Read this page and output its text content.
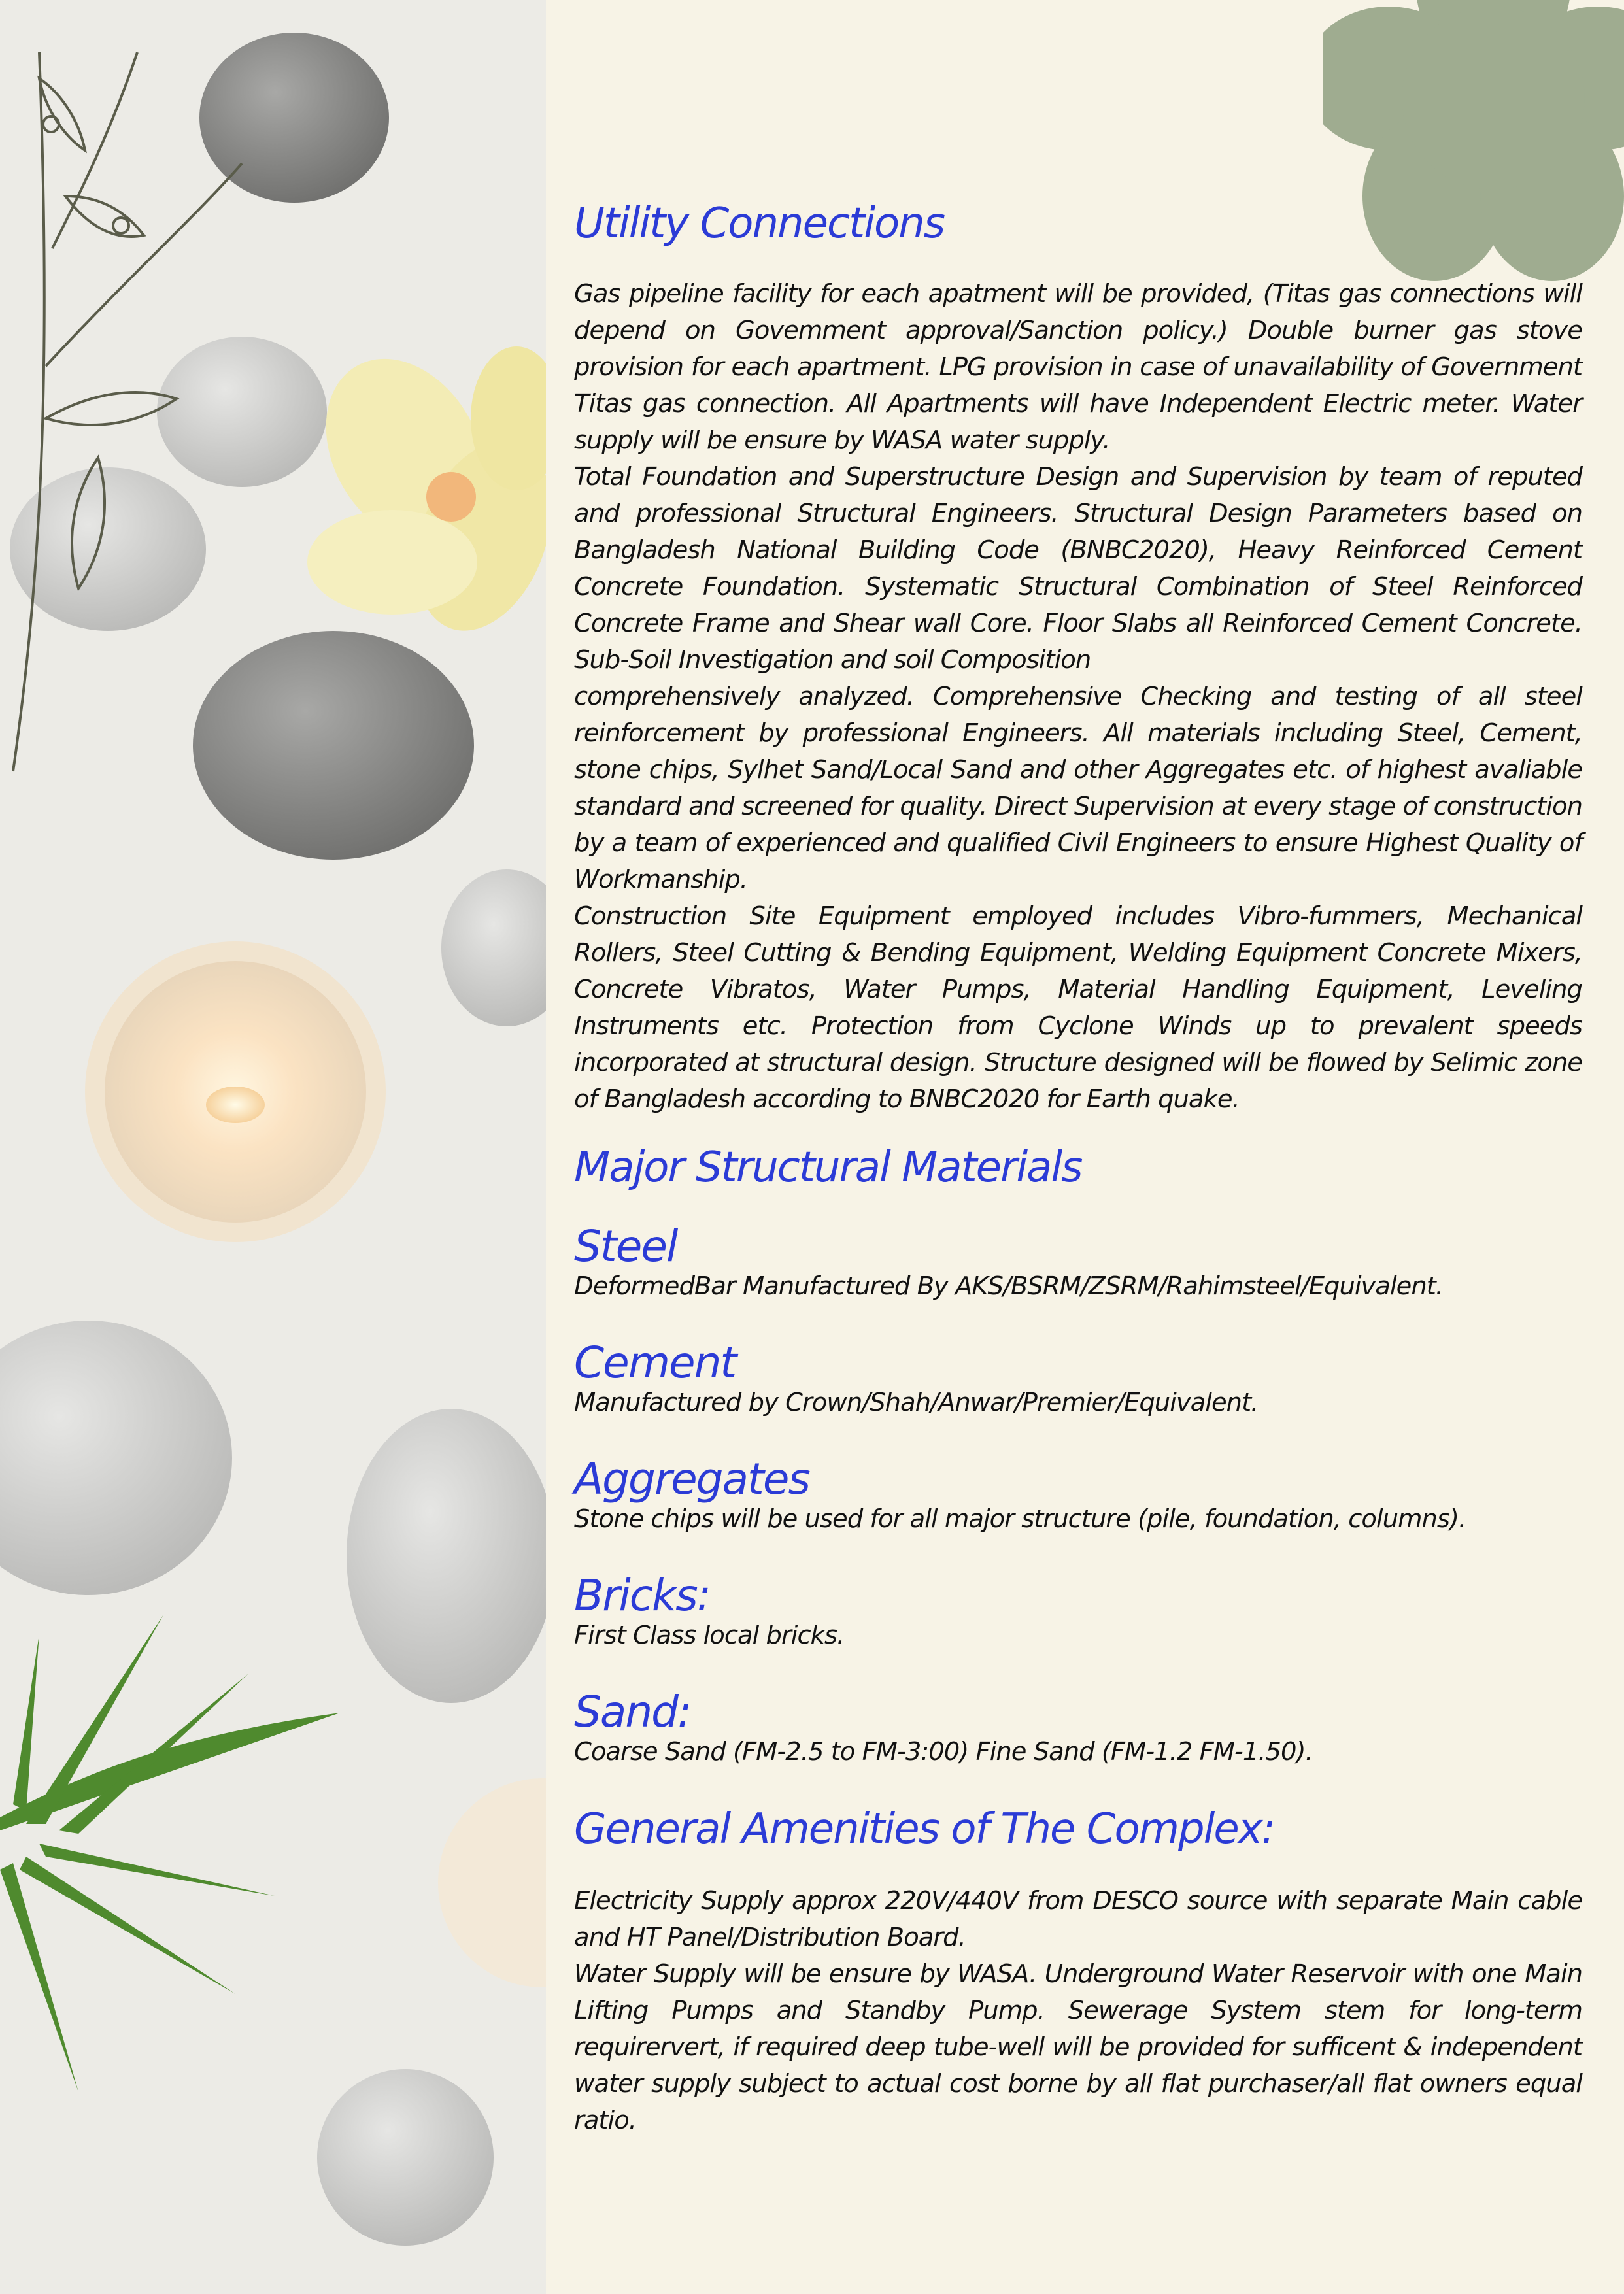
Utility Connections

Gas pipeline facility for each apatment will be provided, (Titas gas connections will depend on Govemment approval/Sanction policy.) Double burner gas stove provision for each apartment. LPG provision in case of unavailability of Government Titas gas connection. All Apartments will have Independent Electric meter. Water supply will be ensure by WASA water supply.

Total Foundation and Superstructure Design and Supervision by team of reputed and professional Structural Engineers. Structural Design Parameters based on Bangladesh National Building Code (BNBC2020), Heavy Reinforced Cement Concrete Foundation. Systematic Structural Combination of Steel Reinforced Concrete Frame and Shear wall Core. Floor Slabs all Reinforced Cement Concrete. Sub-Soil Investigation and soil Composition

comprehensively analyzed. Comprehensive Checking and testing of all steel reinforcement by professional Engineers. All materials including Steel, Cement, stone chips, Sylhet Sand/Local Sand and other Aggregates etc. of highest avaliable standard and screened for quality. Direct Supervision at every stage of construction by a team of experienced and qualified Civil Engineers to ensure Highest Quality of Workmanship.

Construction Site Equipment employed includes Vibro-fummers, Mechanical Rollers, Steel Cutting & Bending Equipment, Welding Equipment Concrete Mixers, Concrete Vibratos, Water Pumps, Material Handling Equipment, Leveling Instruments etc. Protection from Cyclone Winds up to prevalent speeds incorporated at structural design. Structure designed will be flowed by Selimic zone of Bangladesh according to BNBC2020 for Earth quake.

Major Structural Materials
Steel

DeformedBar Manufactured By AKS/BSRM/ZSRM/Rahimsteel/Equivalent.

Cement

Manufactured by Crown/Shah/Anwar/Premier/Equivalent.

Aggregates

Stone chips will be used for all major structure (pile, foundation, columns).

Bricks:

First Class local bricks.

Sand:

Coarse Sand (FM-2.5 to FM-3:00) Fine Sand (FM-1.2 FM-1.50).

General Amenities of The Complex:

Electricity Supply approx 220V/440V from DESCO source with separate Main cable and HT Panel/Distribution Board.

Water Supply will be ensure by WASA. Underground Water Reservoir with one Main Lifting Pumps and Standby Pump. Sewerage System stem for long-term requirervert, if required deep tube-well will be provided for sufficent & independent water supply subject to actual cost borne by all flat purchaser/all flat owners equal ratio.
